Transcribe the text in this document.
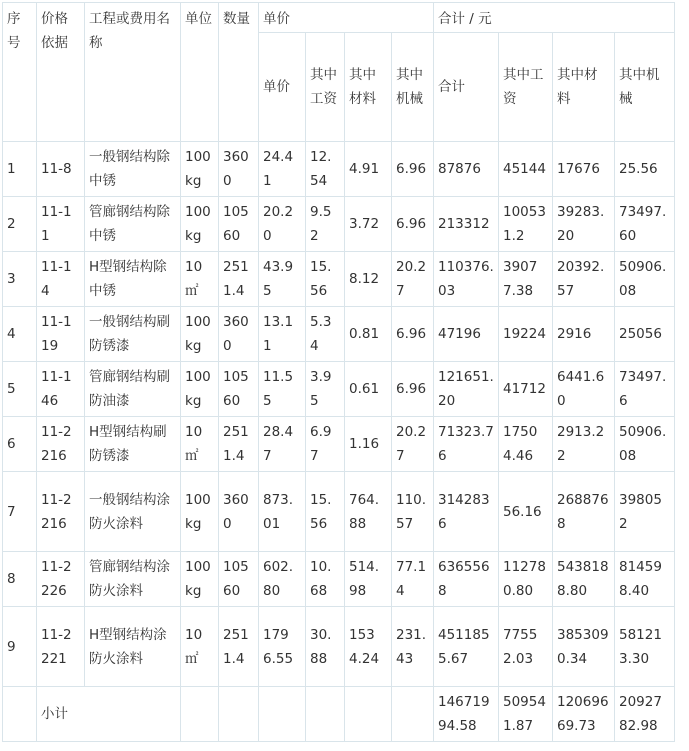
序号	价格依据	工程或费用名称	单位	数量	单价				合计 / 元			
					单价	其中工资	其中材料	其中机械	合计	其中工资	其中材料	其中机械
1	11-8	一般钢结构除中锈	100kg	3600	24.41	12.54	4.91	6.96	87876	45144	17676	25.56
2	11-11	管廊钢结构除中锈	100kg	10560	20.20	9.52	3.72	6.96	213312	100531.2	39283.20	73497.60
3	11-14	H型钢结构除中锈	10㎡	2511.4	43.95	15.56	8.12	20.27	110376.03	39077.38	20392.57	50906.08
4	11-119	一般钢结构刷防锈漆	100kg	3600	13.11	5.34	0.81	6.96	47196	19224	2916	25056
5	11-146	管廊钢结构刷防油漆	100kg	10560	11.55	3.95	0.61	6.96	121651.20	41712	6441.60	73497.6
6	11-2216	H型钢结构刷防锈漆	10㎡	2511.4	28.47	6.97	1.16	20.27	71323.76	17504.46	2913.22	50906.08
7	11-2216	一般钢结构涂防火涂料	100kg	3600	873.01	15.56	764.88	110.57	3142836	56.16	2688768	398052
8	11-2226	管廊钢结构涂防火涂料	100kg	10560	602.80	10.68	514.98	77.14	6365568	112780.80	5438188.80	814598.40
9	11-2221	H型钢结构涂防火涂料	10㎡	2511.4	1796.55	30.88	1534.24	231.43	4511855.67	77552.03	3853090.34	581213.30
	小计								14671994.58	509541.87	12069669.73	2092782.98
